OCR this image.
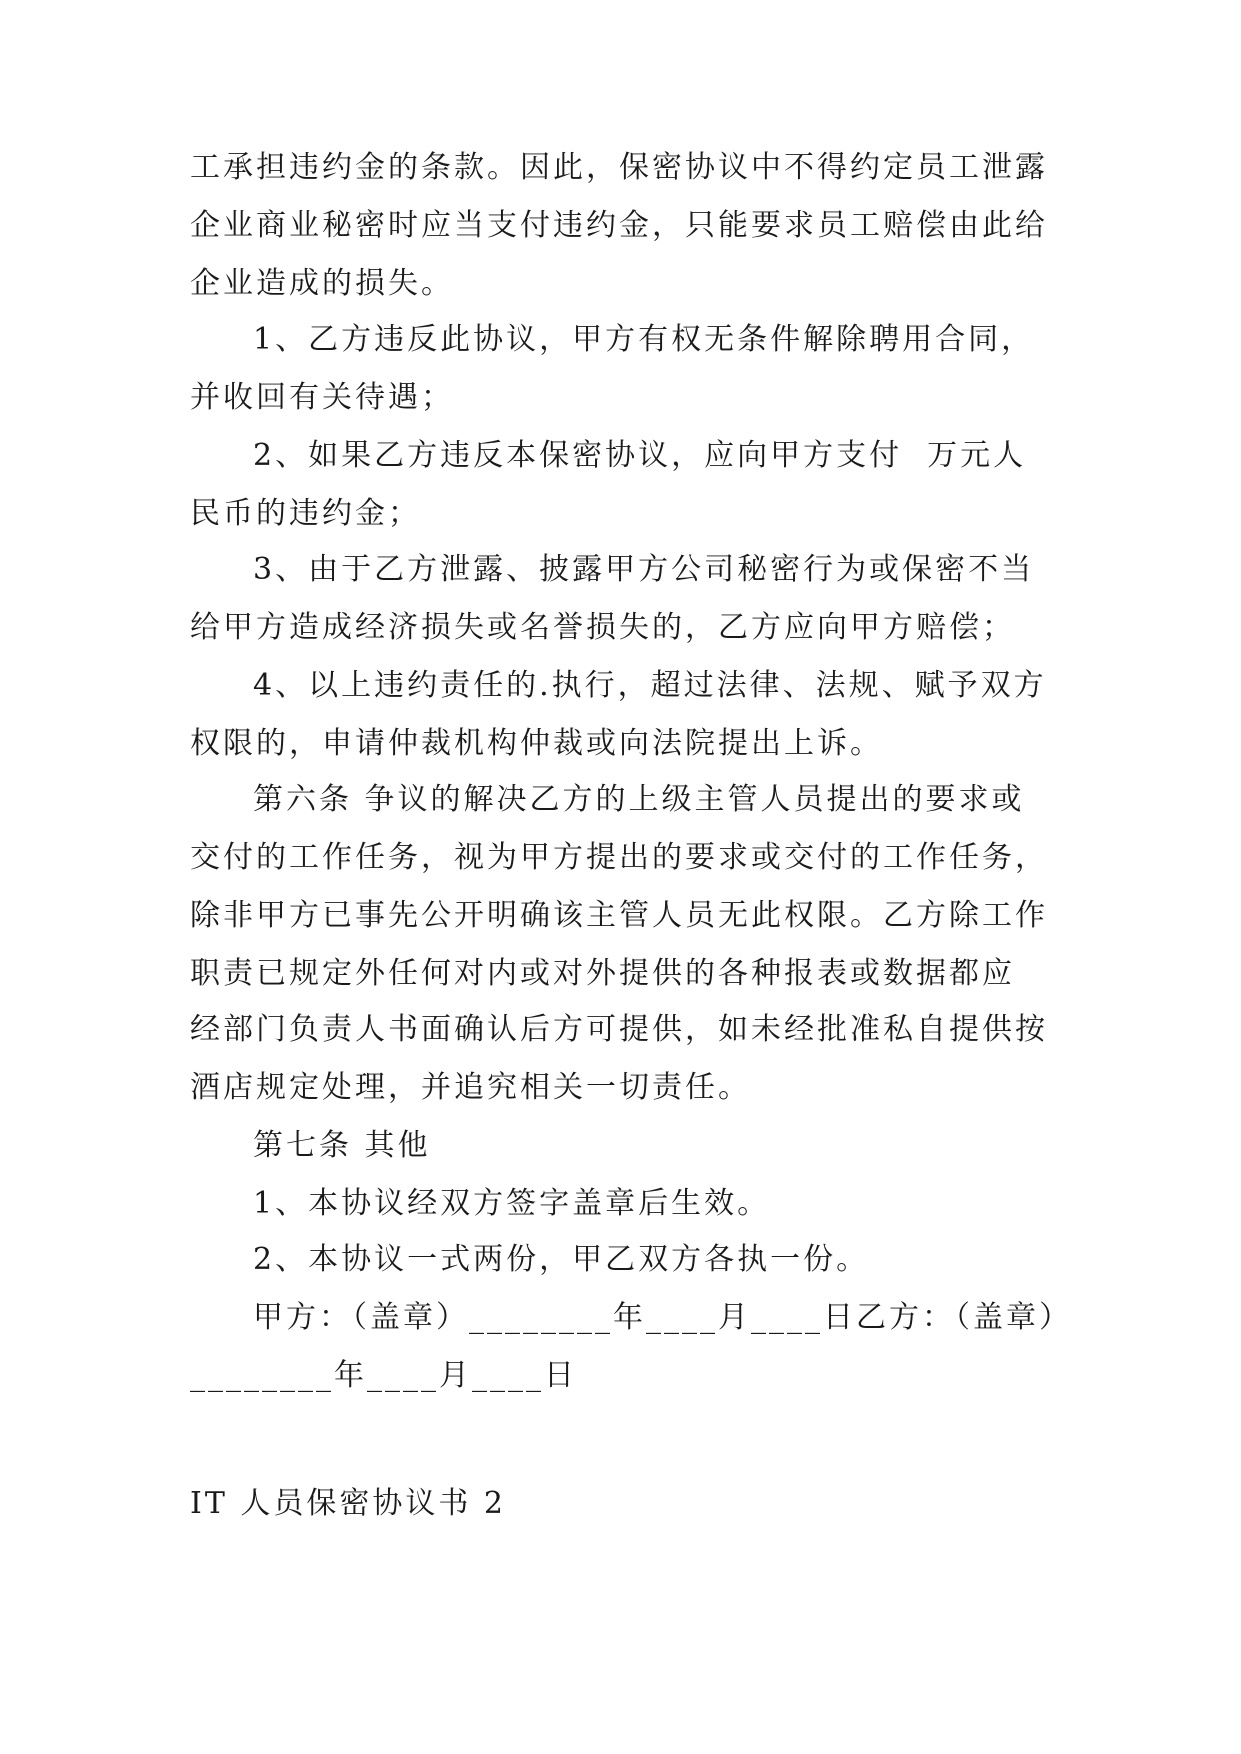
工承担违约金的条款。因此，保密协议中不得约定员工泄露
企业商业秘密时应当支付违约金，只能要求员工赔偿由此给
企业造成的损失。
1、乙方违反此协议，甲方有权无条件解除聘用合同，
并收回有关待遇；
2、如果乙方违反本保密协议，应向甲方支付  万元人
民币的违约金；
3、由于乙方泄露、披露甲方公司秘密行为或保密不当
给甲方造成经济损失或名誉损失的，乙方应向甲方赔偿；
4、以上违约责任的.执行，超过法律、法规、赋予双方
权限的，申请仲裁机构仲裁或向法院提出上诉。
第六条 争议的解决乙方的上级主管人员提出的要求或
交付的工作任务，视为甲方提出的要求或交付的工作任务，
除非甲方已事先公开明确该主管人员无此权限。乙方除工作
职责已规定外任何对内或对外提供的各种报表或数据都应
经部门负责人书面确认后方可提供，如未经批准私自提供按
酒店规定处理，并追究相关一切责任。
第七条 其他
1、本协议经双方签字盖章后生效。
2、本协议一式两份，甲乙双方各执一份。
甲方：（盖章）________年____月____日乙方：（盖章）
________年____月____日
IT 人员保密协议书 2
